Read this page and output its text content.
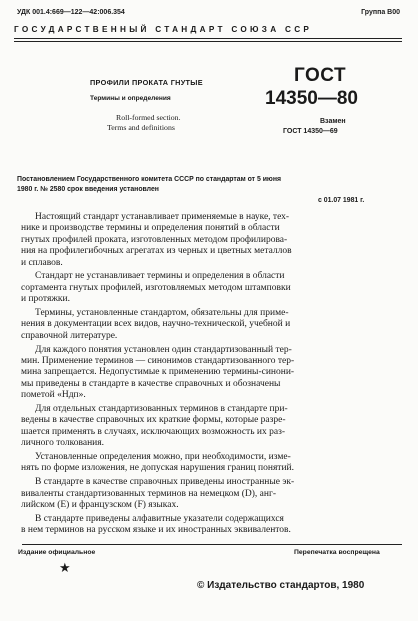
УДК 001.4:669—122—42:006.354	Группа В00
ГОСУДАРСТВЕННЫЙ СТАНДАРТ СОЮЗА ССР
ПРОФИЛИ ПРОКАТА ГНУТЫЕ
Термины и определения
Roll-formed section.
Terms and definitions
ГОСТ
14350—80
Взамен
ГОСТ 14350—69
Постановлением Государственного комитета СССР по стандартам от 5 июня
1980 г. № 2580 срок введения установлен
с 01.07 1981 г.

Настоящий стандарт устанавливает применяемые в науке, тех-
нике и производстве термины и определения понятий в области
гнутых профилей проката, изготовленных методом профилирова-
ния на профилегибочных агрегатах из черных и цветных металлов
и сплавов.

Стандарт не устанавливает термины и определения в области
сортамента гнутых профилей, изготовляемых методом штамповки
и протяжки.

Термины, установленные стандартом, обязательны для приме-
нения в документации всех видов, научно-технической, учебной и
справочной литературе.

Для каждого понятия установлен один стандартизованный тер-
мин. Применение терминов — синонимов стандартизованного тер-
мина запрещается. Недопустимые к применению термины-синони-
мы приведены в стандарте в качестве справочных и обозначены
пометой «Ндп».

Для отдельных стандартизованных терминов в стандарте при-
ведены в качестве справочных их краткие формы, которые разре-
шается применять в случаях, исключающих возможность их раз-
личного толкования.

Установленные определения можно, при необходимости, изме-
нять по форме изложения, не допуская нарушения границ понятий.

В стандарте в качестве справочных приведены иностранные эк-
виваленты стандартизованных терминов на немецком (D), анг-
лийском (E) и французском (F) языках.

В стандарте приведены алфавитные указатели содержащихся
в нем терминов на русском языке и их иностранных эквивалентов.

Издание официальное	Перепечатка воспрещена
★
© Издательство стандартов, 1980
